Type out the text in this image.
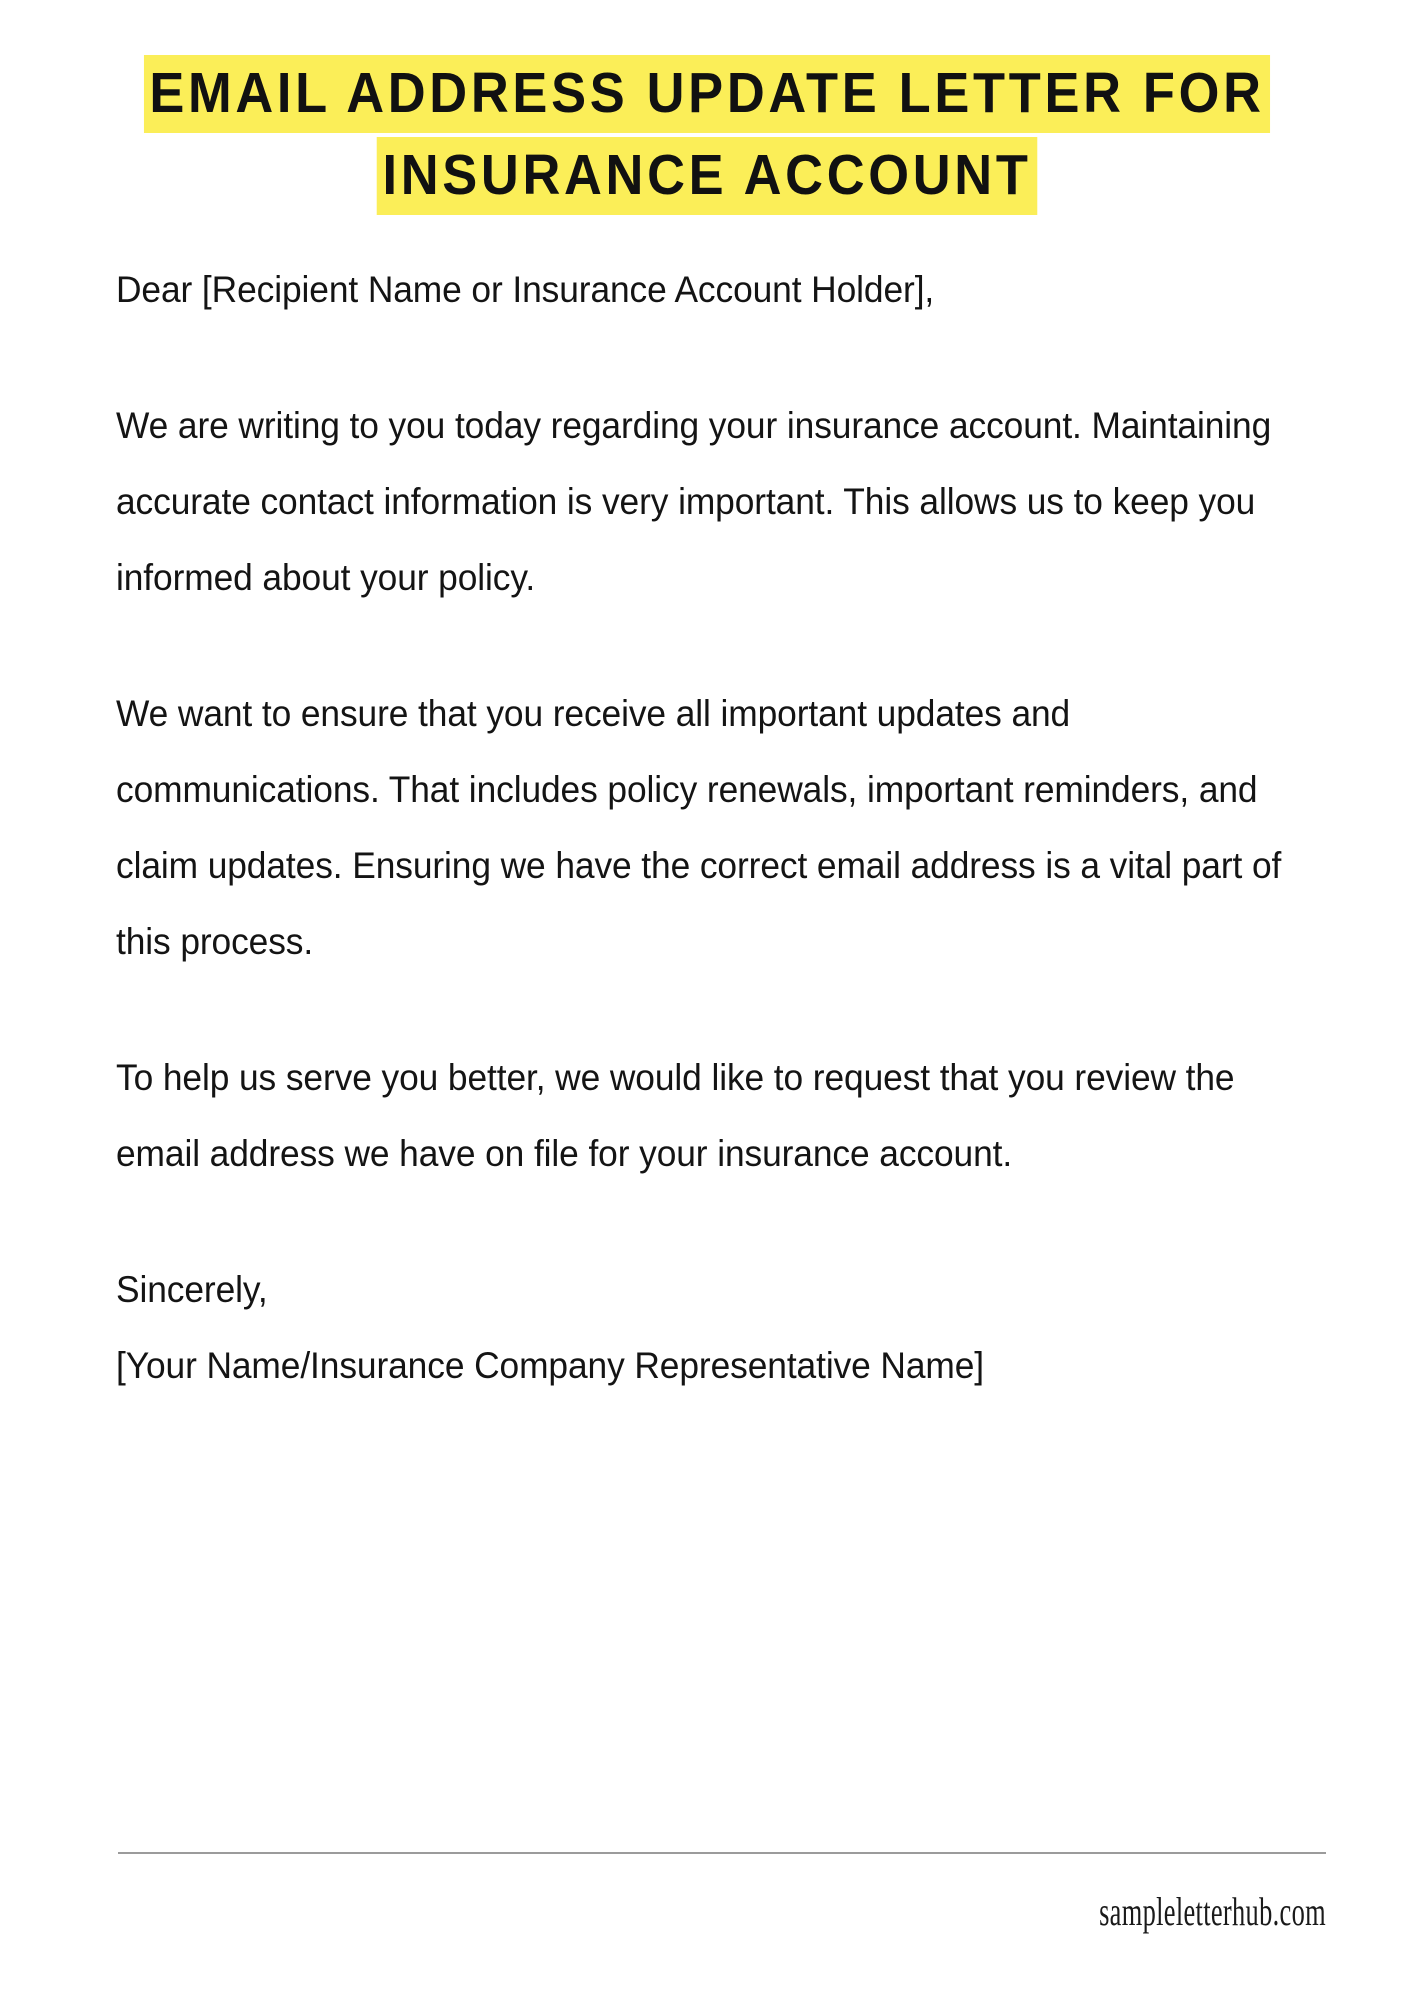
EMAIL ADDRESS UPDATE LETTER FOR
INSURANCE ACCOUNT

Dear [Recipient Name or Insurance Account Holder],

We are writing to you today regarding your insurance account. Maintaining accurate contact information is very important. This allows us to keep you informed about your policy.

We want to ensure that you receive all important updates and communications. That includes policy renewals, important reminders, and claim updates. Ensuring we have the correct email address is a vital part of this process.

To help us serve you better, we would like to request that you review the email address we have on file for your insurance account.

Sincerely,

[Your Name/Insurance Company Representative Name]

sampleletterhub.com
